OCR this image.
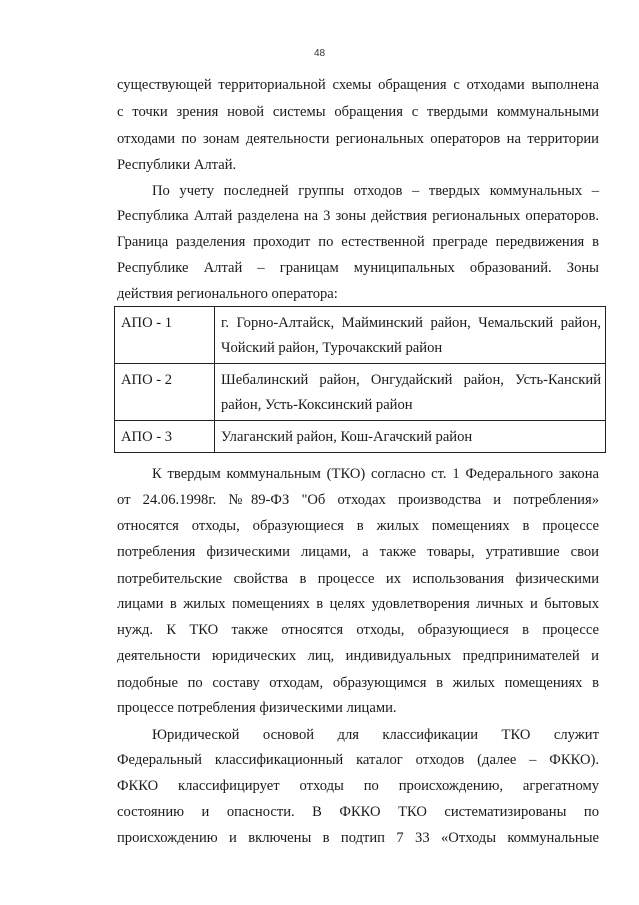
48
существующей территориальной схемы обращения с отходами выполнена
с точки зрения новой системы обращения с твердыми коммунальными
отходами по зонам деятельности региональных операторов на территории
Республики Алтай.
По учету последней группы отходов – твердых коммунальных –
Республика Алтай разделена на 3 зоны действия региональных операторов.
Граница разделения проходит по естественной преграде передвижения в
Республике Алтай – границам муниципальных образований. Зоны
действия регионального оператора:
АПО - 1	г. Горно-Алтайск, Майминский район, Чемальский район,
Чойский район, Турочакский район

АПО - 2	Шебалинский район, Онгудайский район, Усть-Канский
район, Усть-Коксинский район

АПО - 3	Улаганский район, Кош-Агачский район
К твердым коммунальным (ТКО) согласно ст. 1 Федерального закона
от 24.06.1998г. №89-ФЗ "Об отходах производства и потребления»
относятся отходы, образующиеся в жилых помещениях в процессе
потребления физическими лицами, а также товары, утратившие свои
потребительские свойства в процессе их использования физическими
лицами в жилых помещениях в целях удовлетворения личных и бытовых
нужд. К ТКО также относятся отходы, образующиеся в процессе
деятельности юридических лиц, индивидуальных предпринимателей и
подобные по составу отходам, образующимся в жилых помещениях в
процессе потребления физическими лицами.
Юридической основой для классификации ТКО служит
Федеральный классификационный каталог отходов (далее – ФККО).
ФККО классифицирует отходы по происхождению, агрегатному
состоянию и опасности. В ФККО ТКО систематизированы по
происхождению и включены в подтип 7 33 «Отходы коммунальные
